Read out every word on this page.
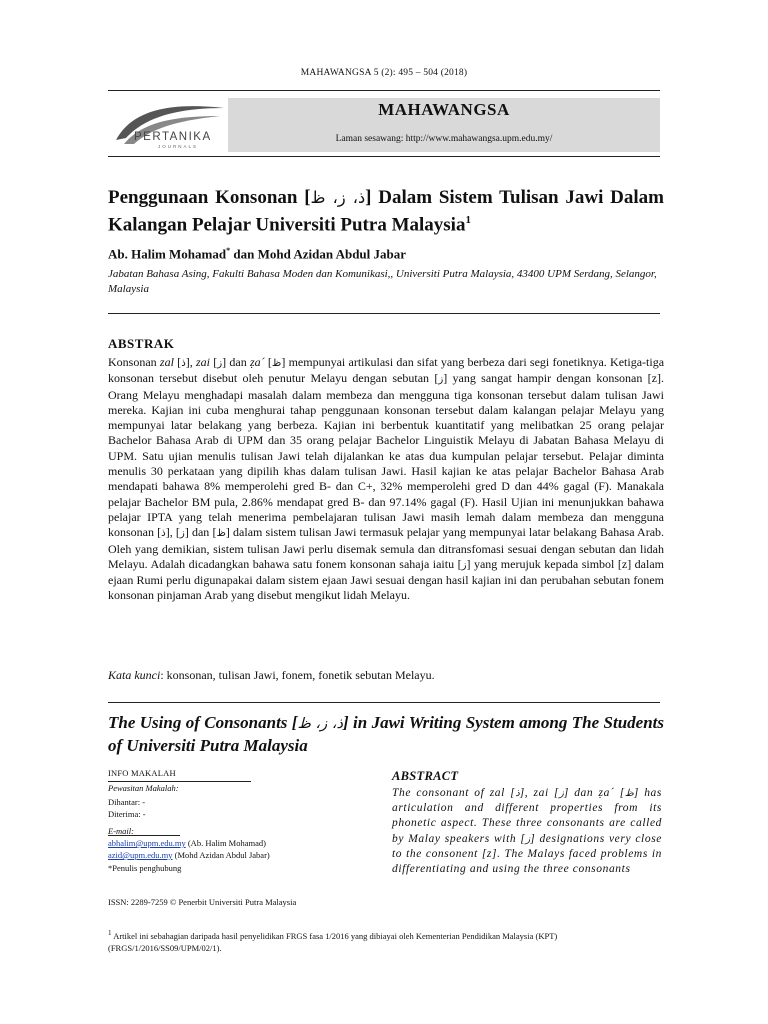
MAHAWANGSA 5 (2): 495 – 504 (2018)
MAHAWANGSA
Laman sesawang: http://www.mahawangsa.upm.edu.my/
PERTANIKA
JOURNALS
Penggunaan Konsonan [ذ، ز، ظ] Dalam Sistem Tulisan Jawi Dalam Kalangan Pelajar Universiti Putra Malaysia$^1$
Ab. Halim Mohamad* dan Mohd Azidan Abdul Jabar
Jabatan Bahasa Asing, Fakulti Bahasa Moden dan Komunikasi,, Universiti Putra Malaysia, 43400 UPM Serdang, Selangor, Malaysia
ABSTRAK
Konsonan zal [ذ], zai [ز] dan ẓa´ [ظ] mempunyai artikulasi dan sifat yang berbeza dari segi fonetiknya. Ketiga-tiga konsonan tersebut disebut oleh penutur Melayu dengan sebutan [ز] yang sangat hampir dengan konsonan [z]. Orang Melayu menghadapi masalah dalam membeza dan mengguna tiga konsonan tersebut dalam tulisan Jawi mereka. Kajian ini cuba menghurai tahap penggunaan konsonan tersebut dalam kalangan pelajar Melayu yang mempunyai latar belakang yang berbeza. Kajian ini berbentuk kuantitatif yang melibatkan 25 orang pelajar Bachelor Bahasa Arab di UPM dan 35 orang pelajar Bachelor Linguistik Melayu di Jabatan Bahasa Melayu di UPM. Satu ujian menulis tulisan Jawi telah dijalankan ke atas dua kumpulan pelajar tersebut. Pelajar diminta menulis 30 perkataan yang dipilih khas dalam tulisan Jawi. Hasil kajian ke atas pelajar Bachelor Bahasa Arab mendapati bahawa 8% memperolehi gred B- dan C+, 32% memperolehi gred D dan 44% gagal (F). Manakala pelajar Bachelor BM pula, 2.86% mendapat gred B- dan 97.14% gagal (F). Hasil Ujian ini menunjukkan bahawa pelajar IPTA yang telah menerima pembelajaran tulisan Jawi masih lemah dalam membeza dan mengguna konsonan [ذ], [ز] dan [ظ] dalam sistem tulisan Jawi termasuk pelajar yang mempunyai latar belakang Bahasa Arab. Oleh yang demikian, sistem tulisan Jawi perlu disemak semula dan ditransfomasi sesuai dengan sebutan dan lidah Melayu. Adalah dicadangkan bahawa satu fonem konsonan sahaja iaitu [ز] yang merujuk kepada simbol [z] dalam ejaan Rumi perlu digunapakai dalam sistem ejaan Jawi sesuai dengan hasil kajian ini dan perubahan sebutan fonem konsonan pinjaman Arab yang disebut mengikut lidah Melayu.
Kata kunci: konsonan, tulisan Jawi, fonem, fonetik sebutan Melayu.
The Using of Consonants [ذ، ز، ظ] in Jawi Writing System among The Students of Universiti Putra Malaysia
INFO MAKALAH
Pewasitan Makalah:
Dihantar: -
Diterima: -
E-mail:
abhalim@upm.edu.my (Ab. Halim Mohamad)
azid@upm.edu.my (Mohd Azidan Abdul Jabar)
*Penulis penghubung
ABSTRACT
The consonant of zal [ذ], zai [ز] dan ẓa´ [ظ] has articulation and different properties from its phonetic aspect. These three consonants are called by Malay speakers with [ز] designations very close to the consonent [z]. The Malays faced problems in differentiating and using the three consonants
ISSN: 2289-7259 © Penerbit Universiti Putra Malaysia
$^1$ Artikel ini sebahagian daripada hasil penyelidikan FRGS fasa 1/2016 yang dibiayai oleh Kementerian Pendidikan Malaysia (KPT) (FRGS/1/2016/SS09/UPM/02/1).
